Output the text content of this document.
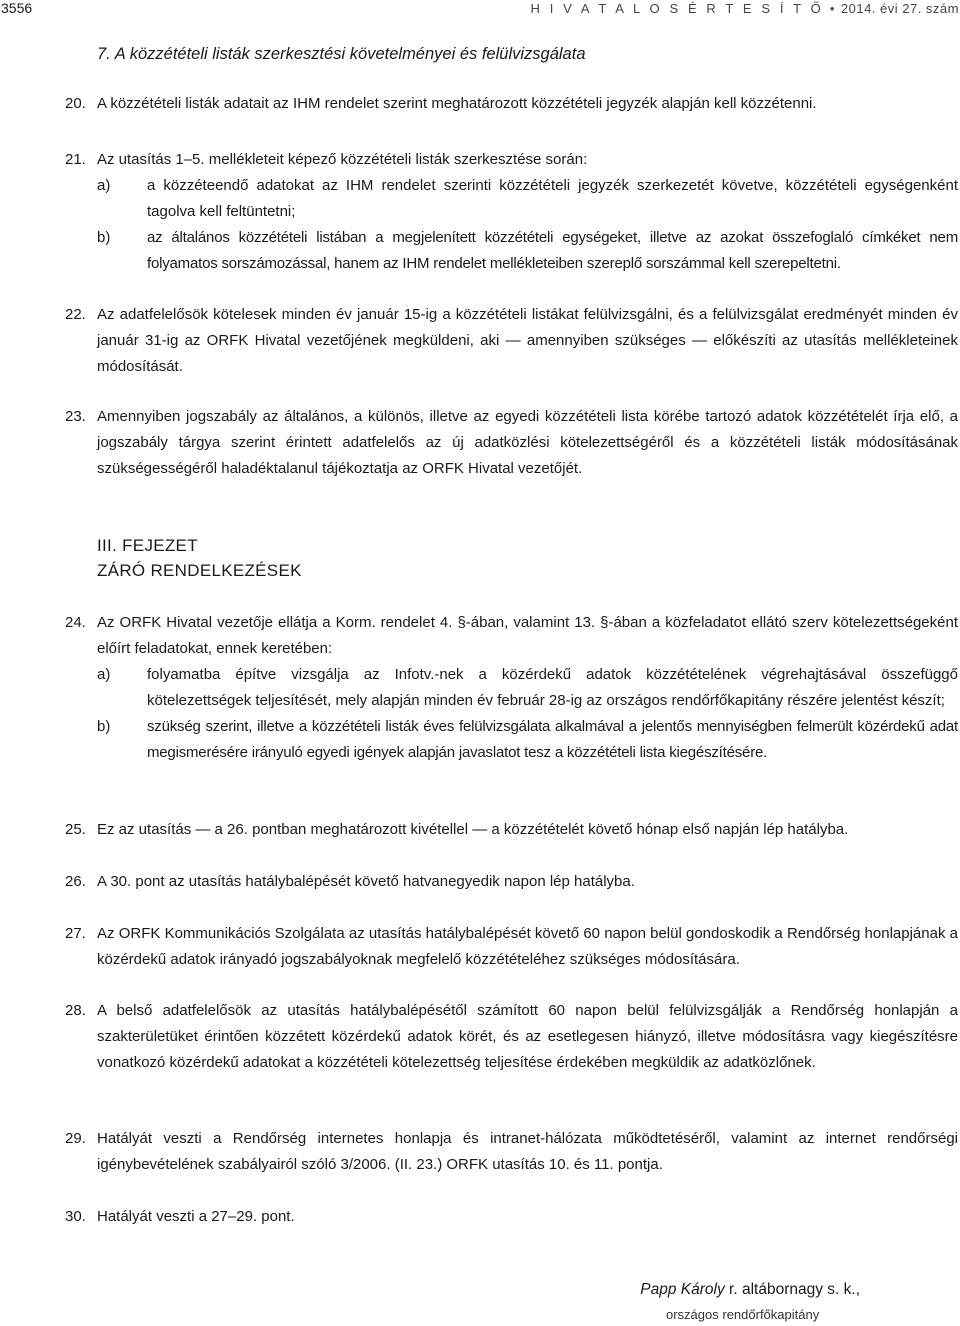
3556	H I V A T A L O S É R T E S Í T Ő • 2014. évi 27. szám
7. A közzétételi listák szerkesztési követelményei és felülvizsgálata
20. A közzétételi listák adatait az IHM rendelet szerint meghatározott közzétételi jegyzék alapján kell közzétenni.
21. Az utasítás 1–5. mellékleteit képező közzétételi listák szerkesztése során:
a) a közzéteendő adatokat az IHM rendelet szerinti közzétételi jegyzék szerkezetét követve, közzétételi egységenként tagolva kell feltüntetni;
b) az általános közzétételi listában a megjelenített közzétételi egységeket, illetve az azokat összefoglaló címkéket nem folyamatos sorszámozással, hanem az IHM rendelet mellékleteiben szereplő sorszámmal kell szerepeltetni.
22. Az adatfelelősök kötelesek minden év január 15-ig a közzétételi listákat felülvizsgálni, és a felülvizsgálat eredményét minden év január 31-ig az ORFK Hivatal vezetőjének megküldeni, aki — amennyiben szükséges — előkészíti az utasítás mellékleteinek módosítását.
23. Amennyiben jogszabály az általános, a különös, illetve az egyedi közzétételi lista körébe tartozó adatok közzétételét írja elő, a jogszabály tárgya szerint érintett adatfelelős az új adatközlési kötelezettségéről és a közzétételi listák módosításának szükségességéről haladéktalanul tájékoztatja az ORFK Hivatal vezetőjét.
III. FEJEZET
ZÁRÓ RENDELKEZÉSEK
24. Az ORFK Hivatal vezetője ellátja a Korm. rendelet 4. §-ában, valamint 13. §-ában a közfeladatot ellátó szerv kötelezettségeként előírt feladatokat, ennek keretében:
a) folyamatba építve vizsgálja az Infotv.-nek a közérdekű adatok közzétételének végrehajtásával összefüggő kötelezettségek teljesítését, mely alapján minden év február 28-ig az országos rendőrfőkapitány részére jelentést készít;
b) szükség szerint, illetve a közzétételi listák éves felülvizsgálata alkalmával a jelentős mennyiségben felmerült közérdekű adat megismerésére irányuló egyedi igények alapján javaslatot tesz a közzétételi lista kiegészítésére.
25. Ez az utasítás — a 26. pontban meghatározott kivétellel — a közzétételét követő hónap első napján lép hatályba.
26. A 30. pont az utasítás hatálybalépését követő hatvanegyedik napon lép hatályba.
27. Az ORFK Kommunikációs Szolgálata az utasítás hatálybalépését követő 60 napon belül gondoskodik a Rendőrség honlapjának a közérdekű adatok irányadó jogszabályoknak megfelelő közzétételéhez szükséges módosítására.
28. A belső adatfelelősök az utasítás hatálybalépésétől számított 60 napon belül felülvizsgálják a Rendőrség honlapján a szakterületüket érintően közzétett közérdekű adatok körét, és az esetlegesen hiányzó, illetve módosításra vagy kiegészítésre vonatkozó közérdekű adatokat a közzétételi kötelezettség teljesítése érdekében megküldik az adatközlőnek.
29. Hatályát veszti a Rendőrség internetes honlapja és intranet-hálózata működtetéséről, valamint az internet rendőrségi igénybevételének szabályairól szóló 3/2006. (II. 23.) ORFK utasítás 10. és 11. pontja.
30. Hatályát veszti a 27–29. pont.
Papp Károly r. altábornagy s. k.,
országos rendőrfőkapitány
